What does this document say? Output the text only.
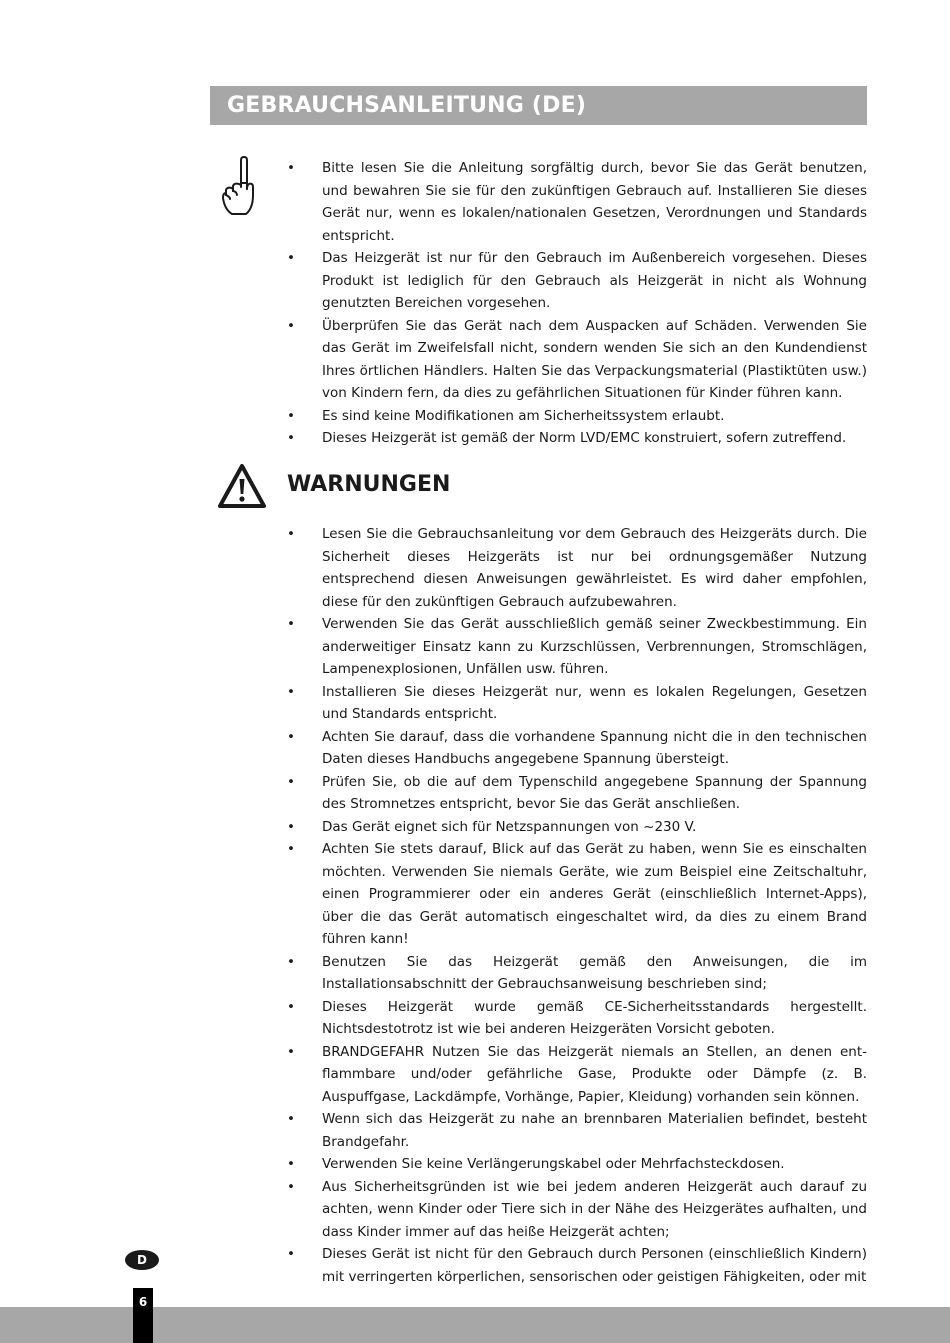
GEBRAUCHSANLEITUNG (DE)
• Bitte lesen Sie die Anleitung sorgfältig durch, bevor Sie das Gerät benutzen, und bewahren Sie sie für den zukünftigen Gebrauch auf. Installieren Sie dieses Gerät nur, wenn es lokalen/nationalen Gesetzen, Verordnungen und Standards entspricht.
• Das Heizgerät ist nur für den Gebrauch im Außenbereich vorgesehen. Dieses Produkt ist lediglich für den Gebrauch als Heizgerät in nicht als Wohnung genutzten Bereichen vorgesehen.
• Überprüfen Sie das Gerät nach dem Auspacken auf Schäden. Verwenden Sie das Gerät im Zweifelsfall nicht, sondern wenden Sie sich an den Kundendienst Ihres örtlichen Händlers. Halten Sie das Verpackungsmaterial (Plastiktüten usw.) von Kindern fern, da dies zu gefährlichen Situationen für Kinder führen kann.
• Es sind keine Modifikationen am Sicherheitssystem erlaubt.
• Dieses Heizgerät ist gemäß der Norm LVD/EMC konstruiert, sofern zutreffend.
WARNUNGEN
• Lesen Sie die Gebrauchsanleitung vor dem Gebrauch des Heizgeräts durch. Die Sicherheit dieses Heizgeräts ist nur bei ordnungsgemäßer Nutzung entsprechend diesen Anweisungen gewährleistet. Es wird daher empfohlen, diese für den zukünftigen Gebrauch aufzubewahren.
• Verwenden Sie das Gerät ausschließlich gemäß seiner Zweckbestimmung. Ein anderweitiger Einsatz kann zu Kurzschlüssen, Verbrennungen, Stromschlägen, Lampenexplosionen, Unfällen usw. führen.
• Installieren Sie dieses Heizgerät nur, wenn es lokalen Regelungen, Gesetzen und Standards entspricht.
• Achten Sie darauf, dass die vorhandene Spannung nicht die in den technischen Daten dieses Handbuchs angegebene Spannung übersteigt.
• Prüfen Sie, ob die auf dem Typenschild angegebene Spannung der Spannung des Stromnetzes entspricht, bevor Sie das Gerät anschließen.
• Das Gerät eignet sich für Netzspannungen von ~230 V.
• Achten Sie stets darauf, Blick auf das Gerät zu haben, wenn Sie es einschalten möchten. Verwenden Sie niemals Geräte, wie zum Beispiel eine Zeitschaltuhr, einen Programmierer oder ein anderes Gerät (einschließlich Internet-Apps), über die das Gerät automatisch eingeschaltet wird, da dies zu einem Brand führen kann!
• Benutzen Sie das Heizgerät gemäß den Anweisungen, die im Installationsabschnitt der Gebrauchsanweisung beschrieben sind;
• Dieses Heizgerät wurde gemäß CE-Sicherheitsstandards hergestellt. Nichtsdestotrotz ist wie bei anderen Heizgeräten Vorsicht geboten.
• BRANDGEFAHR Nutzen Sie das Heizgerät niemals an Stellen, an denen entflammbare und/oder gefährliche Gase, Produkte oder Dämpfe (z. B. Auspuffgase, Lackdämpfe, Vorhänge, Papier, Kleidung) vorhanden sein können.
• Wenn sich das Heizgerät zu nahe an brennbaren Materialien befindet, besteht Brandgefahr.
• Verwenden Sie keine Verlängerungskabel oder Mehrfachsteckdosen.
• Aus Sicherheitsgründen ist wie bei jedem anderen Heizgerät auch darauf zu achten, wenn Kinder oder Tiere sich in der Nähe des Heizgerätes aufhalten, und dass Kinder immer auf das heiße Heizgerät achten;
• Dieses Gerät ist nicht für den Gebrauch durch Personen (einschließlich Kindern) mit verringerten körperlichen, sensorischen oder geistigen Fähigkeiten, oder mit
D
6
